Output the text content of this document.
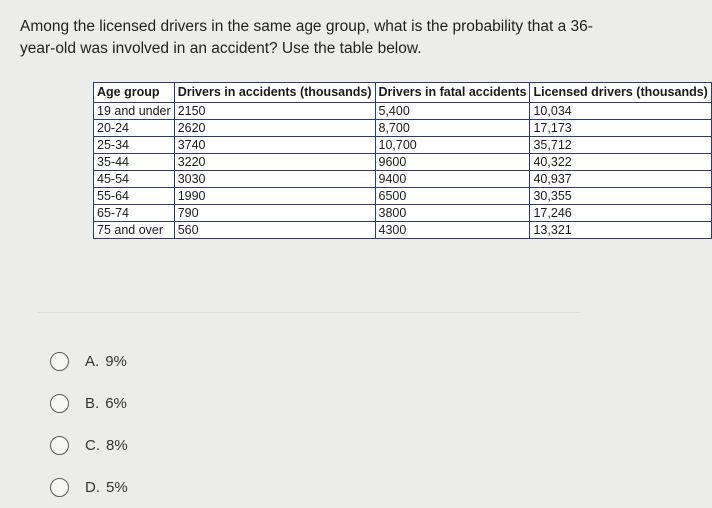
Among the licensed drivers in the same age group, what is the probability that a 36-year-old was involved in an accident? Use the table below.
Age group	Drivers in accidents (thousands)	Drivers in fatal accidents	Licensed drivers (thousands)
19 and under	2150	5,400	10,034
20-24	2620	8,700	17,173
25-34	3740	10,700	35,712
35-44	3220	9600	40,322
45-54	3030	9400	40,937
55-64	1990	6500	30,355
65-74	790	3800	17,246
75 and over	560	4300	13,321
A. 9%
B. 6%
C. 8%
D. 5%
